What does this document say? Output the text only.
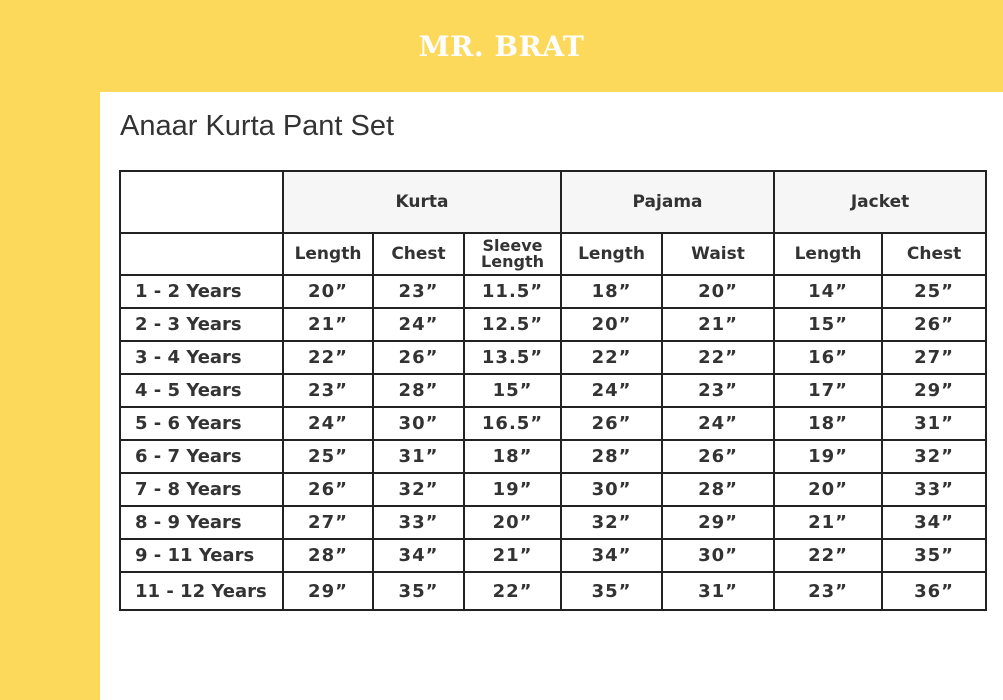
MR. BRAT
Anaar Kurta Pant Set
	Kurta			Pajama		Jacket	
	Length	Chest	Sleeve Length	Length	Waist	Length	Chest
1 - 2 Years	20”	23”	11.5”	18”	20”	14”	25”
2 - 3 Years	21”	24”	12.5”	20”	21”	15”	26”
3 - 4 Years	22”	26”	13.5”	22”	22”	16”	27”
4 - 5 Years	23”	28”	15”	24”	23”	17”	29”
5 - 6 Years	24”	30”	16.5”	26”	24”	18”	31”
6 - 7 Years	25”	31”	18”	28”	26”	19”	32”
7 - 8 Years	26”	32”	19”	30”	28”	20”	33”
8 - 9 Years	27”	33”	20”	32”	29”	21”	34”
9 - 11 Years	28”	34”	21”	34”	30”	22”	35”
11 - 12 Years	29”	35”	22”	35”	31”	23”	36”
